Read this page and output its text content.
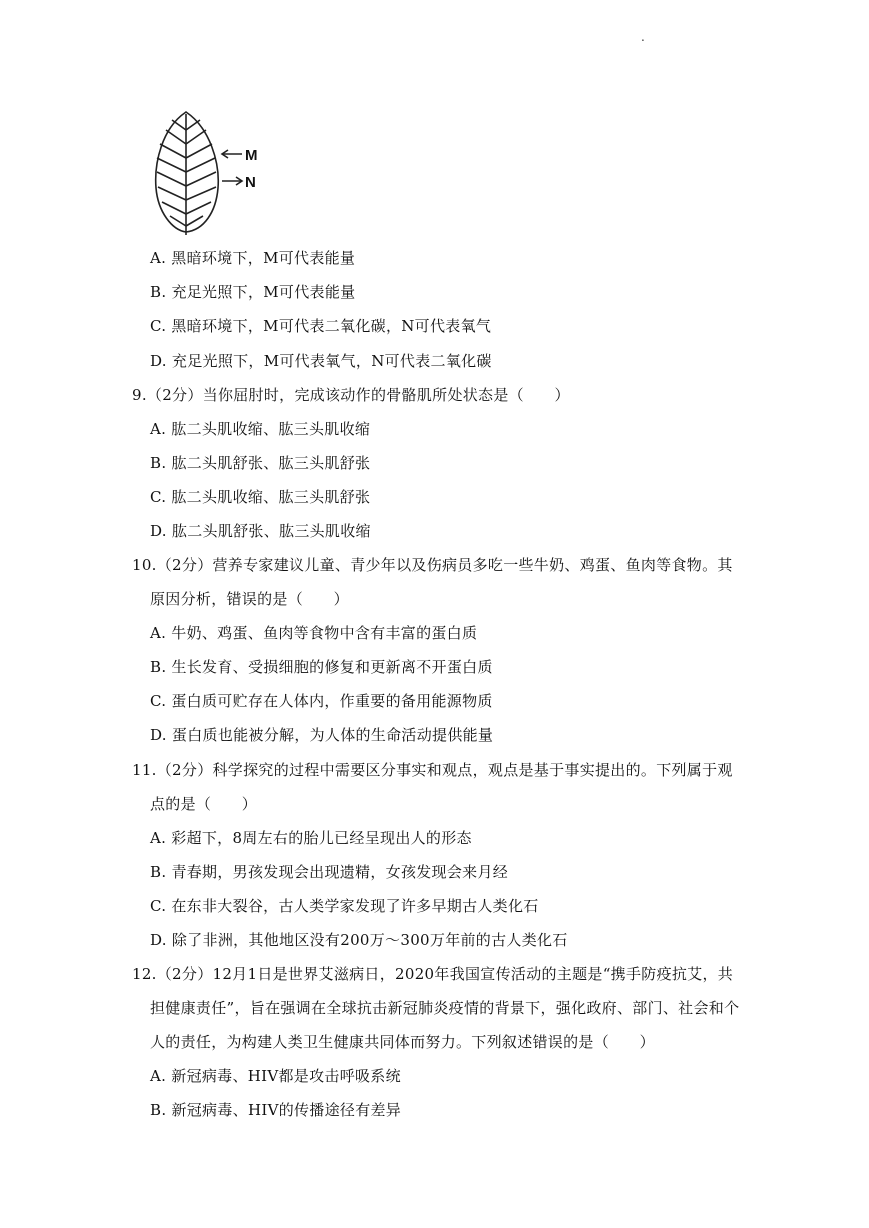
.
M
N
A. 黑暗环境下，M可代表能量
B. 充足光照下，M可代表能量
C. 黑暗环境下，M可代表二氧化碳，N可代表氧气
D. 充足光照下，M可代表氧气，N可代表二氧化碳
9.（2分）当你屈肘时，完成该动作的骨骼肌所处状态是（　　）
A. 肱二头肌收缩、肱三头肌收缩
B. 肱二头肌舒张、肱三头肌舒张
C. 肱二头肌收缩、肱三头肌舒张
D. 肱二头肌舒张、肱三头肌收缩
10.（2分）营养专家建议儿童、青少年以及伤病员多吃一些牛奶、鸡蛋、鱼肉等食物。其
原因分析，错误的是（　　）
A. 牛奶、鸡蛋、鱼肉等食物中含有丰富的蛋白质
B. 生长发育、受损细胞的修复和更新离不开蛋白质
C. 蛋白质可贮存在人体内，作重要的备用能源物质
D. 蛋白质也能被分解，为人体的生命活动提供能量
11.（2分）科学探究的过程中需要区分事实和观点，观点是基于事实提出的。下列属于观
点的是（　　）
A. 彩超下，8周左右的胎儿已经呈现出人的形态
B. 青春期，男孩发现会出现遗精，女孩发现会来月经
C. 在东非大裂谷，古人类学家发现了许多早期古人类化石
D. 除了非洲，其他地区没有200万～300万年前的古人类化石
12.（2分）12月1日是世界艾滋病日，2020年我国宣传活动的主题是“携手防疫抗艾，共
担健康责任”，旨在强调在全球抗击新冠肺炎疫情的背景下，强化政府、部门、社会和个
人的责任，为构建人类卫生健康共同体而努力。下列叙述错误的是（　　）
A. 新冠病毒、HIV都是攻击呼吸系统
B. 新冠病毒、HIV的传播途径有差异
